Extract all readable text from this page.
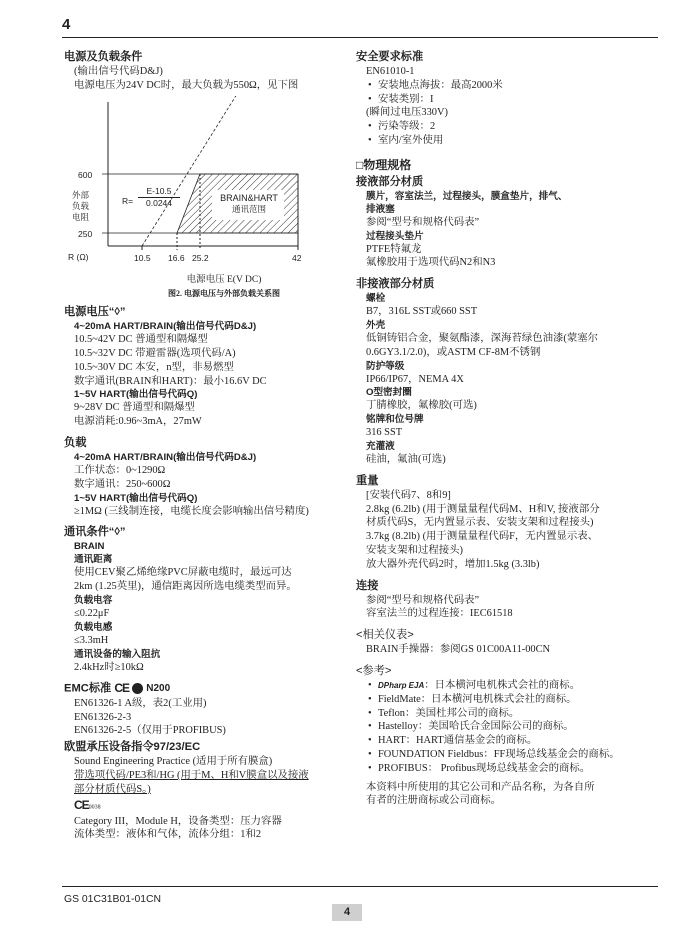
4
电源及负载条件

(输出信号代码D&J)

电源电压为24V DC时，最大负载为550Ω，见下图

600
250
外部
负载
电阻
R (Ω)
$R= \frac{E-10.5}{0.0244}$	BRAIN&HART
通讯范围
10.5 16.6 25.2	42
电源电压 E(V DC)
图2. 电源电压与外部负载关系图
电源电压“◊”
4~20mA HART/BRAIN(输出信号代码D&J)

10.5~42V DC 普通型和隔爆型

10.5~32V DC 带避雷器(选项代码/A)

10.5~30V DC 本安，n型，非易燃型

数字通讯(BRAIN和HART)：最小16.6V DC

1~5V HART(输出信号代码Q)

9~28V DC 普通型和隔爆型

电源消耗:0.96~3mA，27mW

负载
4~20mA HART/BRAIN(输出信号代码D&J)

工作状态：0~1290Ω

数字通讯：250~600Ω

1~5V HART(输出信号代码Q)

≥1MΩ (三线制连接，电缆长度会影响输出信号精度)

通讯条件“◊”
BRAIN
通讯距离

使用CEV聚乙烯绝缘PVC屏蔽电缆时，最远可达

2km (1.25英里)，通信距离因所选电缆类型而异。

负载电容

≤0.22μF

负载电感

≤3.3mH

通讯设备的输入阻抗

2.4kHz时≥10kΩ

EMC标准 CE N200

EN61326-1 A级，表2(工业用)

EN61326-2-3

EN61326-2-5（仅用于PROFIBUS)

欧盟承压设备指令97/23/EC

Sound Engineering Practice (适用于所有膜盒)

带选项代码/PE3和/HG (用于M、H和V膜盒以及接液

部分材质代码S。)

CE0038

Category III，Module H，设备类型：压力容器

流体类型：液体和气体，流体分组：1和2

安全要求标准

EN61010-1

• 安装地点海拔：最高2000米
• 安装类别：I

(瞬间过电压330V)

• 污染等级：2
• 室内/室外使用
□物理规格
接液部分材质
膜片，容室法兰，过程接头，膜盒垫片，排气、
排液塞

参阅“型号和规格代码表”

过程接头垫片

PTFE特氟龙

氟橡胶用于选项代码N2和N3

非接液部分材质
螺栓

B7，316L SST或660 SST

外壳

低铜铸铝合金，聚氨酯漆，深海苔绿色油漆(蒙塞尔

0.6GY3.1/2.0)，或ASTM CF-8M不锈钢

防护等级

IP66/IP67，NEMA 4X

O型密封圈

丁腈橡胶，氟橡胶(可选)

铭牌和位号牌

316 SST

充灌液

硅油，氟油(可选)

重量

[安装代码7、8和9]

2.8kg (6.2lb) (用于测量量程代码M、H和V, 接液部分

材质代码S，无内置显示表、安装支架和过程接头)

3.7kg (8.2lb) (用于测量量程代码F，无内置显示表、

安装支架和过程接头)

放大器外壳代码2时，增加1.5kg (3.3lb)

连接

参阅“型号和规格代码表”

容室法兰的过程连接：IEC61518

<相关仪表>

BRAIN手操器：参阅GS 01C00A11-00CN

<参考>
• DPharp EJA：日本横河电机株式会社的商标。
• FieldMate：日本横河电机株式会社的商标。
• Teflon：美国杜邦公司的商标。
• Hastelloy：美国哈氏合金国际公司的商标。
• HART：HART通信基金会的商标。
• FOUNDATION Fieldbus：FF现场总线基金会的商标。
• PROFIBUS： Profibus现场总线基金会的商标。

本资料中所使用的其它公司和产品名称，为各自所

有者的注册商标或公司商标。

GS 01C31B01-01CN
4
